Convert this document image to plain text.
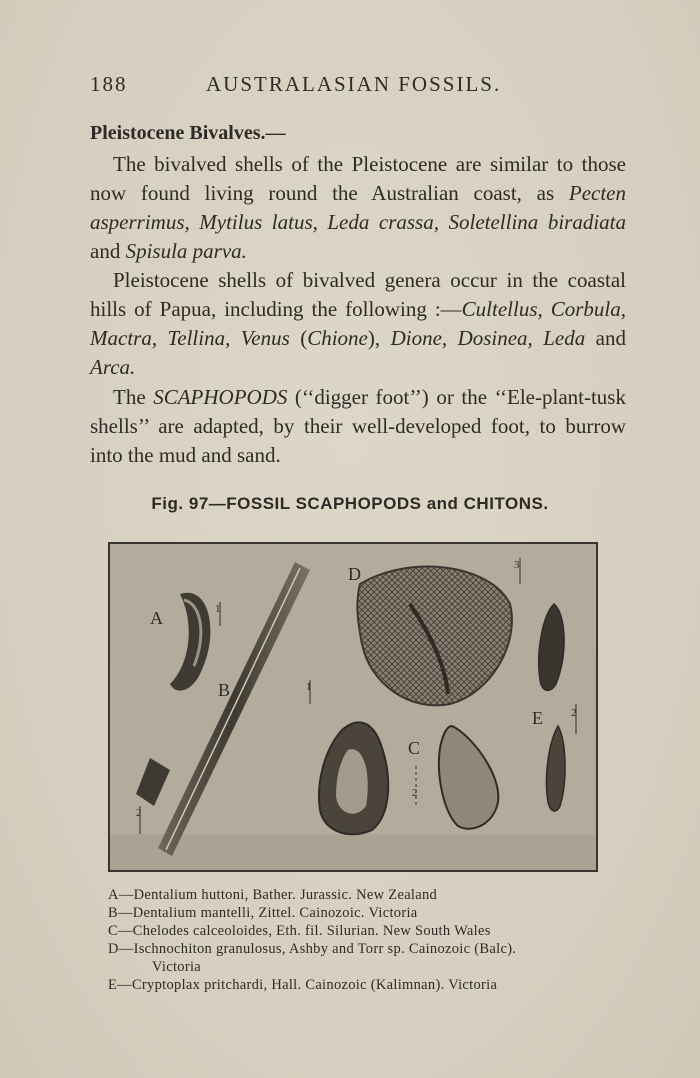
188	AUSTRALASIAN FOSSILS.
Pleistocene Bivalves.—

The bivalved shells of the Pleistocene are similar to those now found living round the Australian coast, as Pecten asperrimus, Mytilus latus, Leda crassa, Soletellina biradiata and Spisula parva.

Pleistocene shells of bivalved genera occur in the coastal hills of Papua, including the following :—Cultellus, Corbula, Mactra, Tellina, Venus (Chione), Dione, Dosinea, Leda and Arca.

The SCAPHOPODS (‘‘digger foot’’) or the ‘‘Ele-plant-tusk shells’’ are adapted, by their well-developed foot, to burrow into the mud and sand.

Fig. 97—FOSSIL SCAPHOPODS and CHITONS.
A	1
B	1
2
D	3
C
2
E	2
A—Dentalium huttoni, Bather. Jurassic. New Zealand
B—Dentalium mantelli, Zittel. Cainozoic. Victoria
C—Chelodes calceoloides, Eth. fil. Silurian. New South Wales
D—Ischnochiton granulosus, Ashby and Torr sp. Cainozoic (Balc).
Victoria
E—Cryptoplax pritchardi, Hall. Cainozoic (Kalimnan). Victoria
